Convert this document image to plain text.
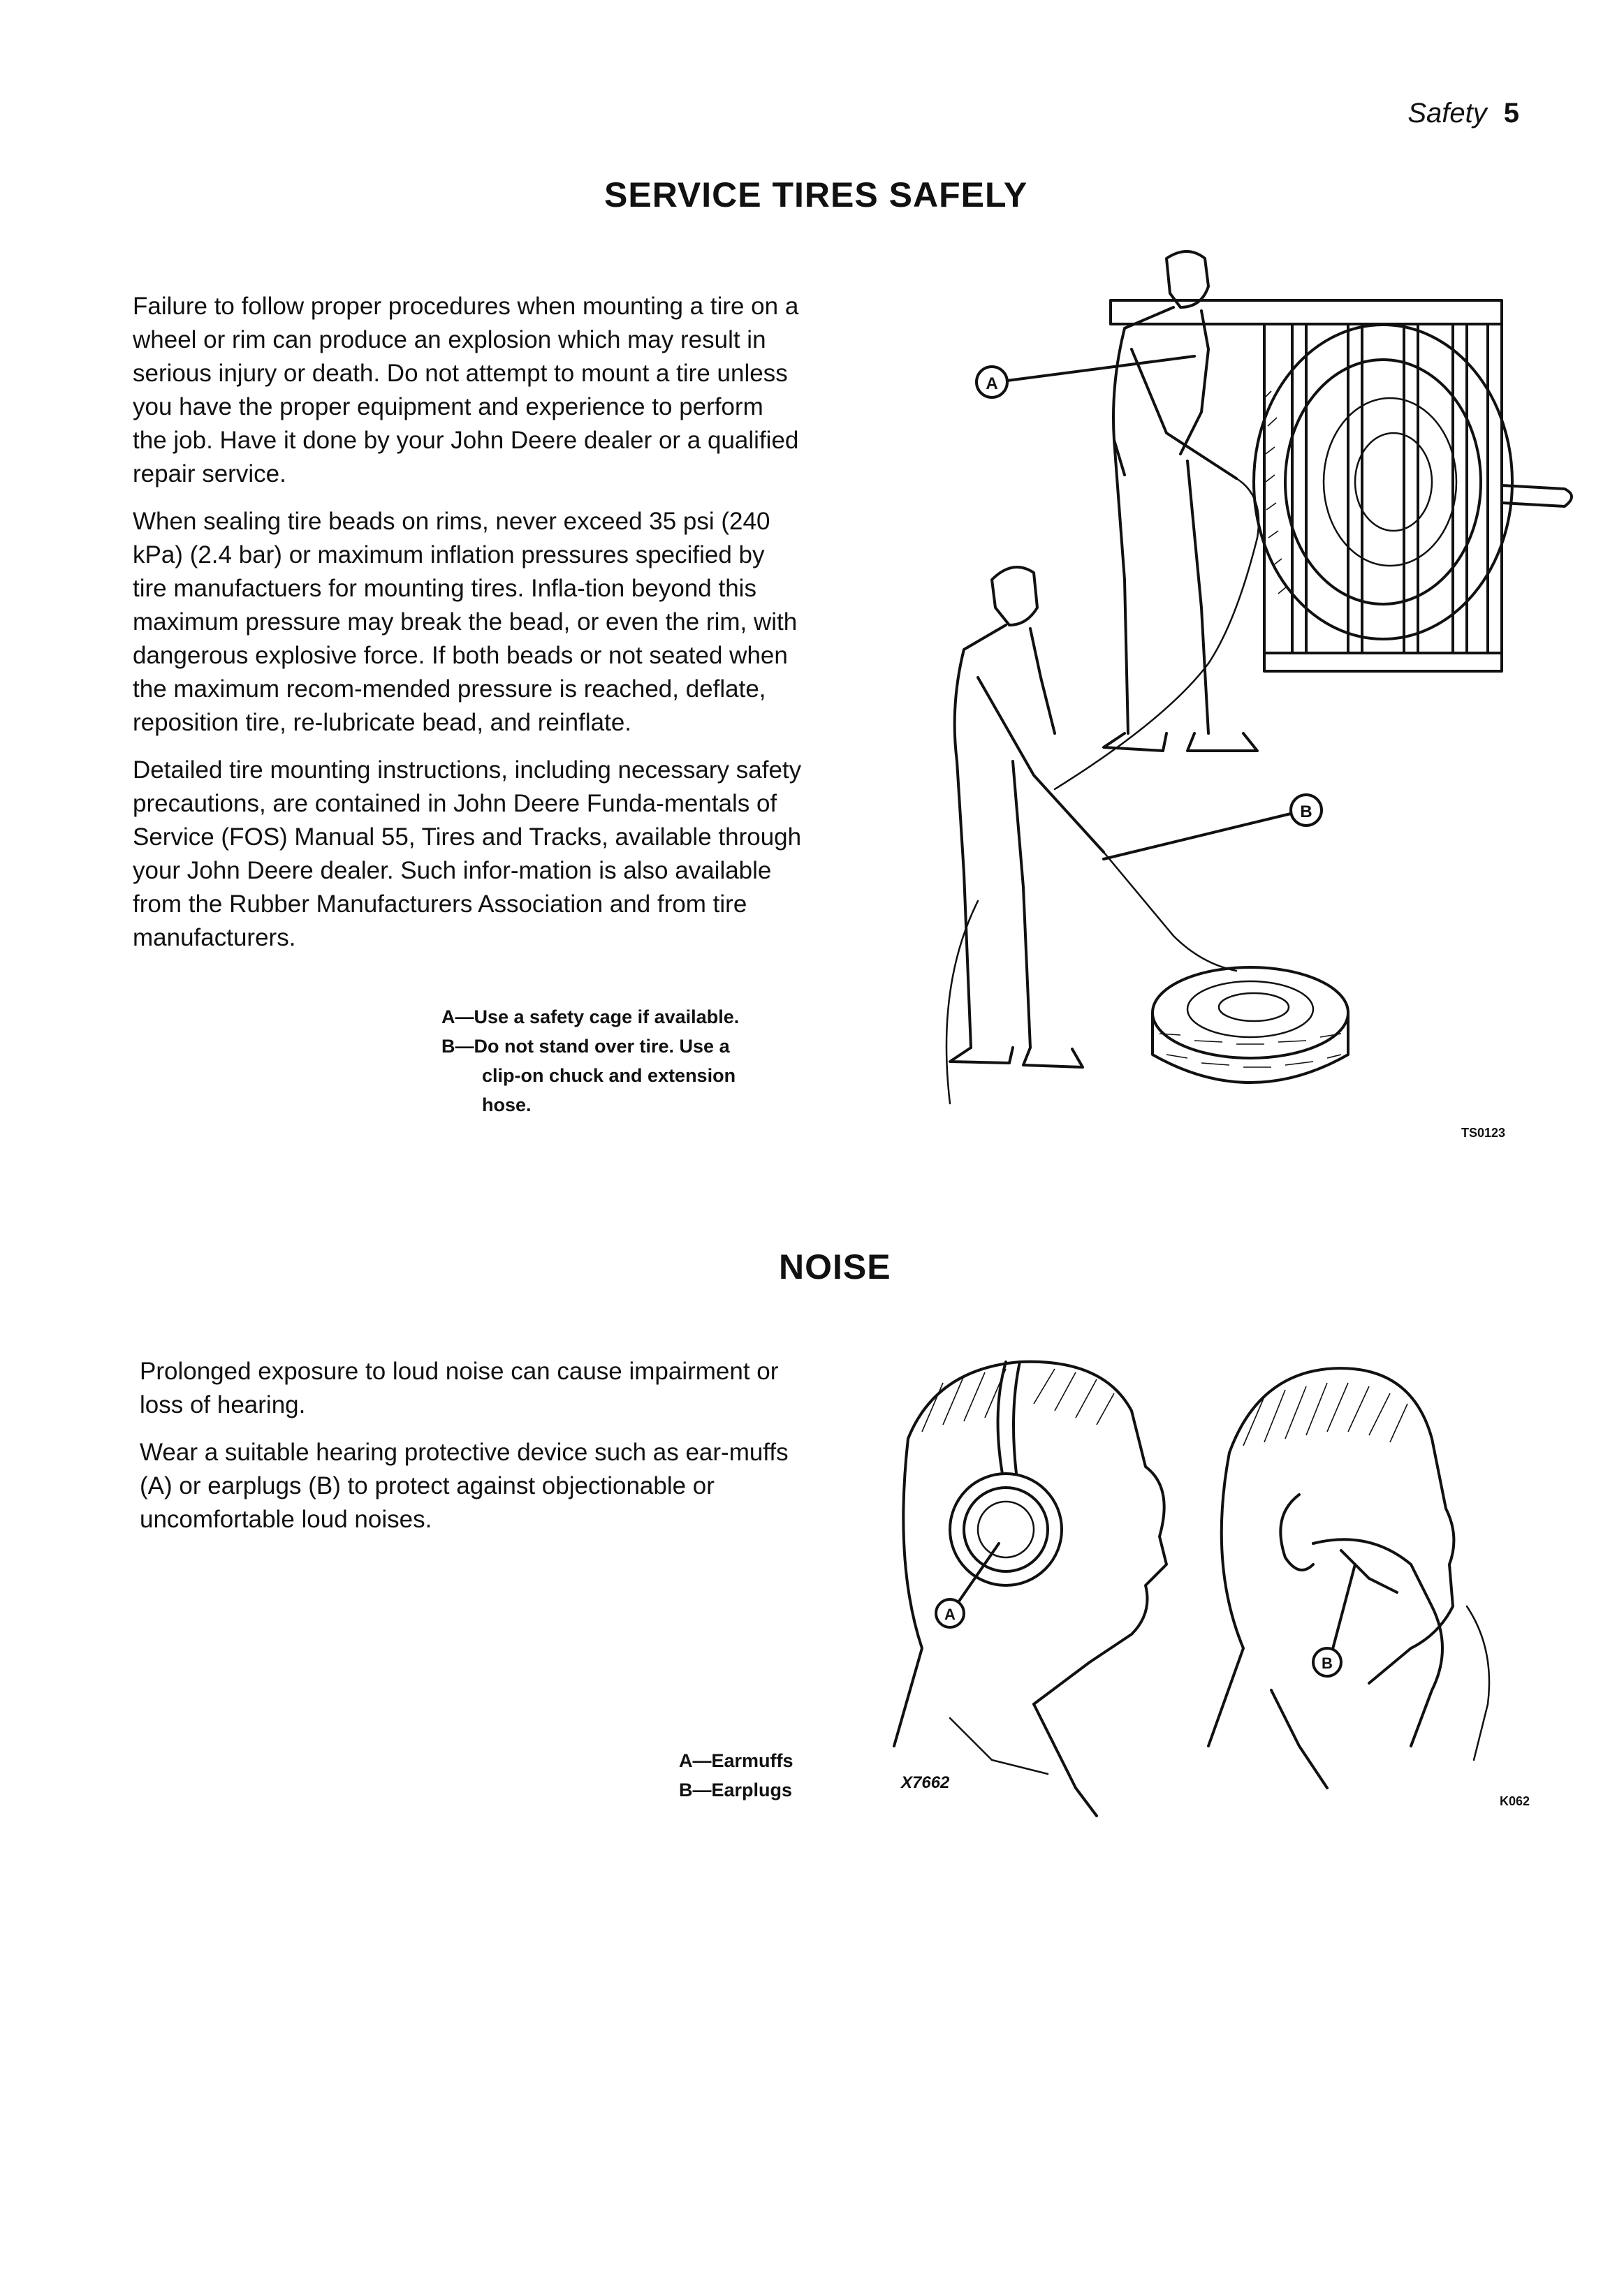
Safety 5
SERVICE TIRES SAFELY

Failure to follow proper procedures when mounting a tire on a wheel or rim can produce an explosion which may result in serious injury or death. Do not attempt to mount a tire unless you have the proper equipment and experience to perform the job. Have it done by your John Deere dealer or a qualified repair service.

When sealing tire beads on rims, never exceed 35 psi (240 kPa) (2.4 bar) or maximum inflation pressures specified by tire manufactuers for mounting tires. Infla-tion beyond this maximum pressure may break the bead, or even the rim, with dangerous explosive force. If both beads or not seated when the maximum recom-mended pressure is reached, deflate, reposition tire, re-lubricate bead, and reinflate.

Detailed tire mounting instructions, including necessary safety precautions, are contained in John Deere Funda-mentals of Service (FOS) Manual 55, Tires and Tracks, available through your John Deere dealer. Such infor-mation is also available from the Rubber Manufacturers Association and from tire manufacturers.

A—Use a safety cage if available.
B—Do not stand over tire. Use a
clip-on chuck and extension
hose.
A
B
TS0123
NOISE

Prolonged exposure to loud noise can cause impairment or loss of hearing.

Wear a suitable hearing protective device such as ear-muffs (A) or earplugs (B) to protect against objectionable or uncomfortable loud noises.

A—Earmuffs
B—Earplugs
A
X7662
B
K062
